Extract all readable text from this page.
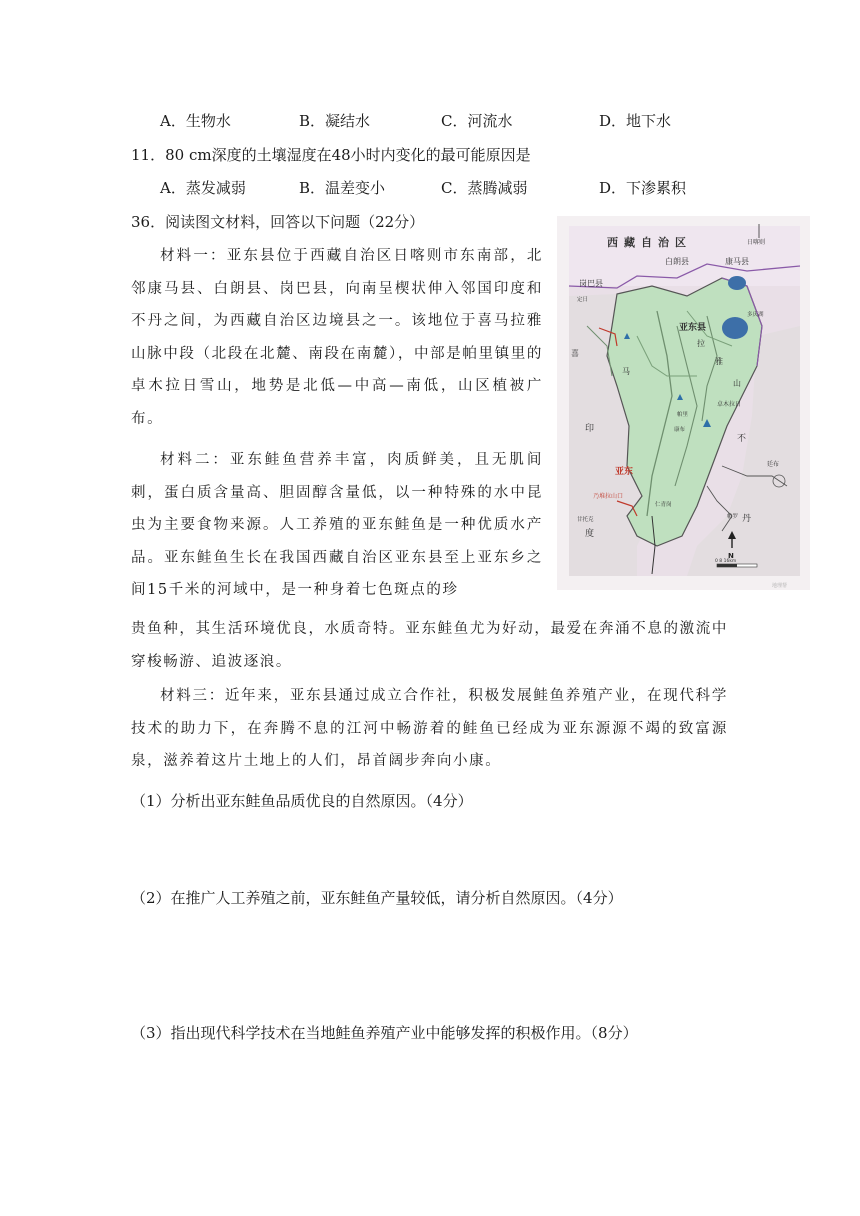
A．生物水	B．凝结水	C．河流水	D．地下水
11．80 cm深度的土壤湿度在48小时内变化的最可能原因是
A．蒸发减弱	B．温差变小	C．蒸腾减弱	D．下渗累积
36．阅读图文材料，回答以下问题（22分）
材料一：亚东县位于西藏自治区日喀则市东南部，北邻康马县、白朗县、岗巴县，向南呈楔状伸入邻国印度和不丹之间，为西藏自治区边境县之一。该地位于喜马拉雅山脉中段（北段在北麓、南段在南麓），中部是帕里镇里的卓木拉日雪山，地势是北低—中高—南低，山区植被广布。
材料二：亚东鲑鱼营养丰富，肉质鲜美，且无肌间刺，蛋白质含量高、胆固醇含量低，以一种特殊的水中昆虫为主要食物来源。人工养殖的亚东鲑鱼是一种优质水产品。亚东鲑鱼生长在我国西藏自治区亚东县至上亚东乡之间15千米的河域中，是一种身着七色斑点的珍
贵鱼种，其生活环境优良，水质奇特。亚东鲑鱼尤为好动，最爱在奔涌不息的激流中穿梭畅游、追波逐浪。
材料三：近年来，亚东县通过成立合作社，积极发展鲑鱼养殖产业，在现代科学技术的助力下，在奔腾不息的江河中畅游着的鲑鱼已经成为亚东源源不竭的致富源泉，滋养着这片土地上的人们，昂首阔步奔向小康。
（1）分析出亚东鲑鱼品质优良的自然原因。（4分）
（2）在推广人工养殖之前，亚东鲑鱼产量较低，请分析自然原因。（4分）
（3）指出现代科学技术在当地鲑鱼养殖产业中能够发挥的积极作用。（8分）
西藏自治区	日喀则
白朗县	康马县
岗巴县
亚东县
定日
多庆湖
喜
马
拉
雅
山
卓木拉日
帕里
康布
印
不
亚东
仁青岗
乃堆拉山口
甘托克
度
廷布
帕罗 丹
N
0 8 16km
地理帮
